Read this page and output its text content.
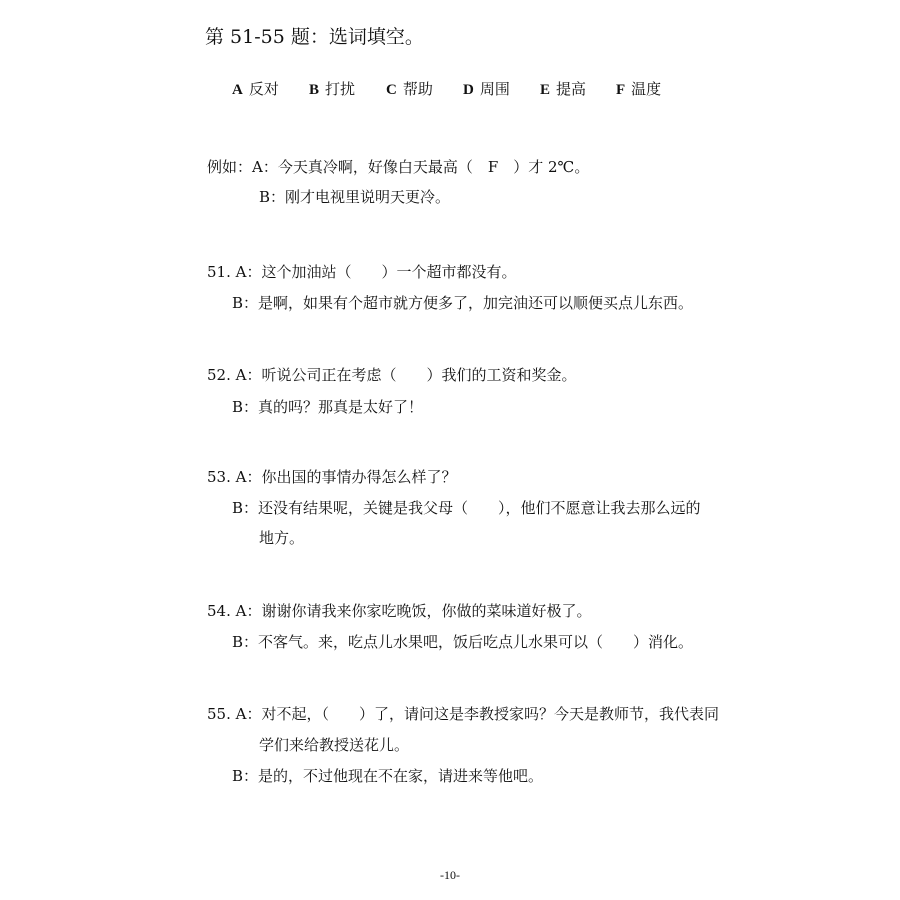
第 51-55 题：选词填空。
A 反对 B 打扰 C 帮助 D 周围 E 提高 F 温度
例如：A：今天真冷啊，好像白天最高（　F　）才 2℃。
B：刚才电视里说明天更冷。
51. A：这个加油站（　　）一个超市都没有。
B：是啊，如果有个超市就方便多了，加完油还可以顺便买点儿东西。
52. A：听说公司正在考虑（　　）我们的工资和奖金。
B：真的吗？那真是太好了！
53. A：你出国的事情办得怎么样了？
B：还没有结果呢，关键是我父母（　　），他们不愿意让我去那么远的
地方。
54. A：谢谢你请我来你家吃晚饭，你做的菜味道好极了。
B：不客气。来，吃点儿水果吧，饭后吃点儿水果可以（　　）消化。
55. A：对不起，（　　）了，请问这是李教授家吗？今天是教师节，我代表同
学们来给教授送花儿。
B：是的，不过他现在不在家，请进来等他吧。
-10-
